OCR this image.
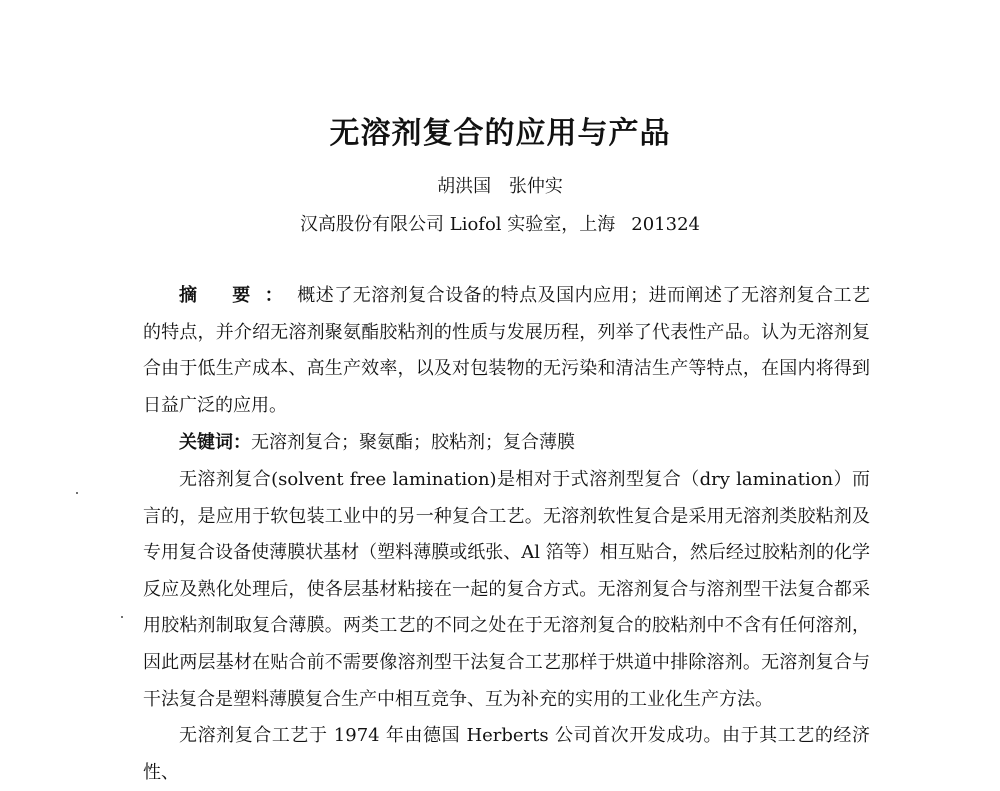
无溶剂复合的应用与产品
胡洪国 张仲实
汉高股份有限公司 Liofol 实验室，上海 201324

摘 要：概述了无溶剂复合设备的特点及国内应用；进而阐述了无溶剂复合工艺的特点，并介绍无溶剂聚氨酯胶粘剂的性质与发展历程，列举了代表性产品。认为无溶剂复合由于低生产成本、高生产效率，以及对包装物的无污染和清洁生产等特点，在国内将得到日益广泛的应用。

关键词：无溶剂复合；聚氨酯；胶粘剂；复合薄膜

无溶剂复合(solvent free lamination)是相对于式溶剂型复合（dry lamination）而言的，是应用于软包装工业中的另一种复合工艺。无溶剂软性复合是采用无溶剂类胶粘剂及专用复合设备使薄膜状基材（塑料薄膜或纸张、Al 箔等）相互贴合，然后经过胶粘剂的化学反应及熟化处理后，使各层基材粘接在一起的复合方式。无溶剂复合与溶剂型干法复合都采用胶粘剂制取复合薄膜。两类工艺的不同之处在于无溶剂复合的胶粘剂中不含有任何溶剂，因此两层基材在贴合前不需要像溶剂型干法复合工艺那样于烘道中排除溶剂。无溶剂复合与干法复合是塑料薄膜复合生产中相互竞争、互为补充的实用的工业化生产方法。

无溶剂复合工艺于 1974 年由德国 Herberts 公司首次开发成功。由于其工艺的经济性、
